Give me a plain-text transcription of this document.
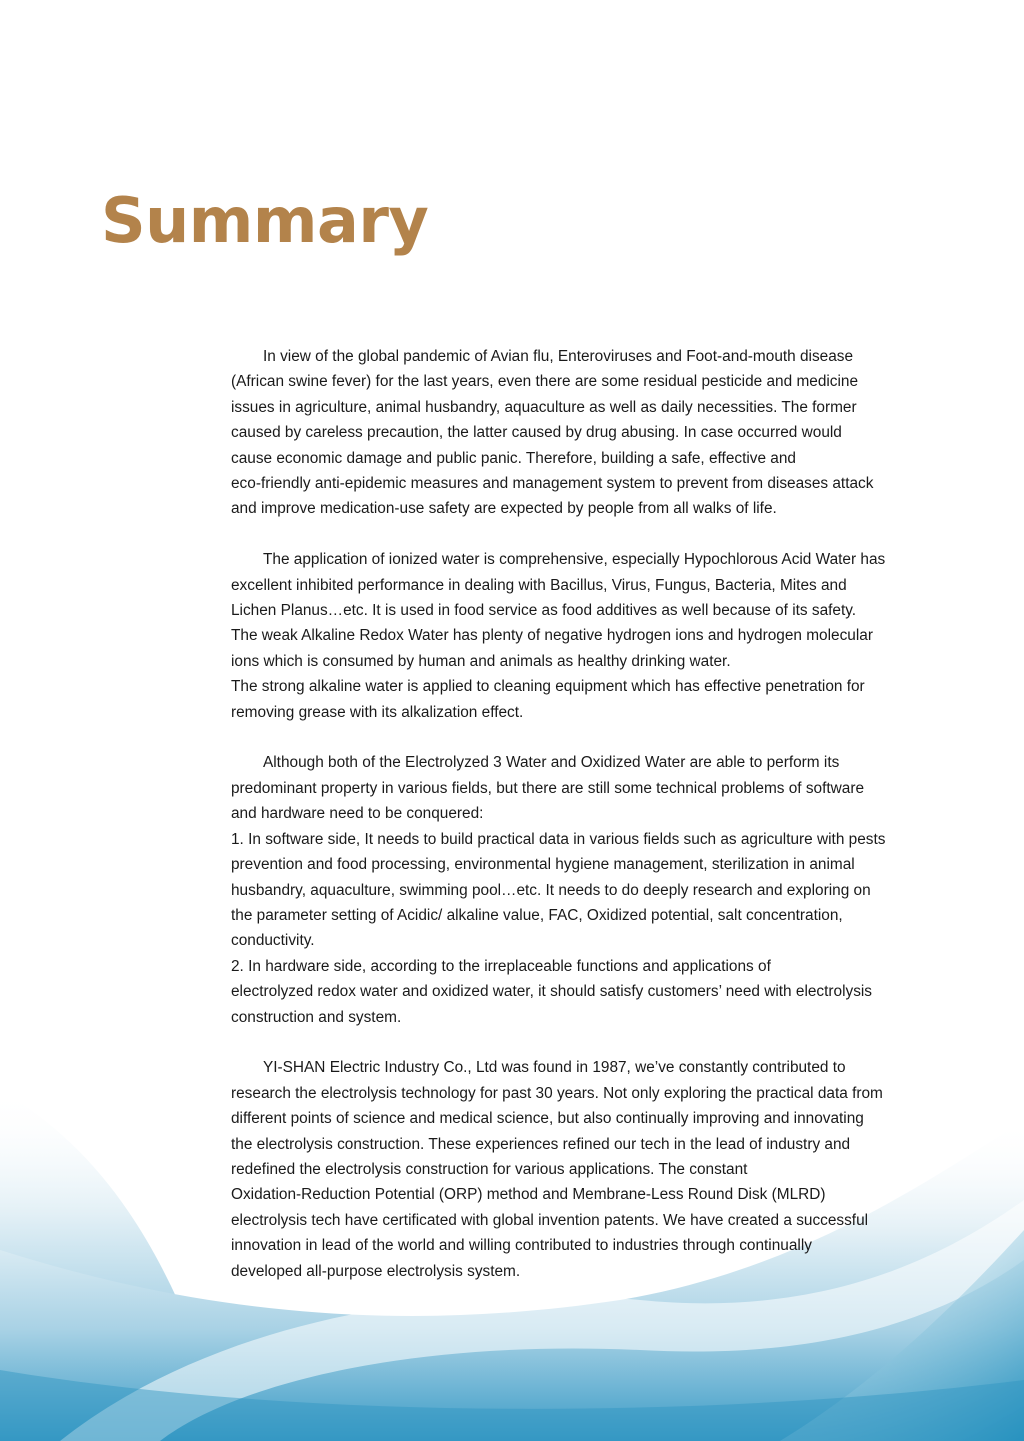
Summary
In view of the global pandemic of Avian flu, Enteroviruses and Foot-and-mouth disease
(African swine fever) for the last years, even there are some residual pesticide and medicine
issues in agriculture, animal husbandry, aquaculture as well as daily necessities. The former
caused by careless precaution, the latter caused by drug abusing. In case occurred would
cause economic damage and public panic. Therefore, building a safe, effective and
eco-friendly anti-epidemic measures and management system to prevent from diseases attack
and improve medication-use safety are expected by people from all walks of life.
The application of ionized water is comprehensive, especially Hypochlorous Acid Water has
excellent inhibited performance in dealing with Bacillus, Virus, Fungus, Bacteria, Mites and
Lichen Planus…etc. It is used in food service as food additives as well because of its safety.
The weak Alkaline Redox Water has plenty of negative hydrogen ions and hydrogen molecular
ions which is consumed by human and animals as healthy drinking water.
The strong alkaline water is applied to cleaning equipment which has effective penetration for
removing grease with its alkalization effect.
Although both of the Electrolyzed 3 Water and Oxidized Water are able to perform its
predominant property in various fields, but there are still some technical problems of software
and hardware need to be conquered:
1. In software side, It needs to build practical data in various fields such as agriculture with pests
prevention and food processing, environmental hygiene management, sterilization in animal
husbandry, aquaculture, swimming pool…etc. It needs to do deeply research and exploring on
the parameter setting of Acidic/ alkaline value, FAC, Oxidized potential, salt concentration,
conductivity.
2. In hardware side, according to the irreplaceable functions and applications of
electrolyzed redox water and oxidized water, it should satisfy customers’ need with electrolysis
construction and system.
YI-SHAN Electric Industry Co., Ltd was found in 1987, we’ve constantly contributed to
research the electrolysis technology for past 30 years. Not only exploring the practical data from
different points of science and medical science, but also continually improving and innovating
the electrolysis construction. These experiences refined our tech in the lead of industry and
redefined the electrolysis construction for various applications. The constant
Oxidation-Reduction Potential (ORP) method and Membrane-Less Round Disk (MLRD)
electrolysis tech have certificated with global invention patents. We have created a successful
innovation in lead of the world and willing contributed to industries through continually
developed all-purpose electrolysis system.
